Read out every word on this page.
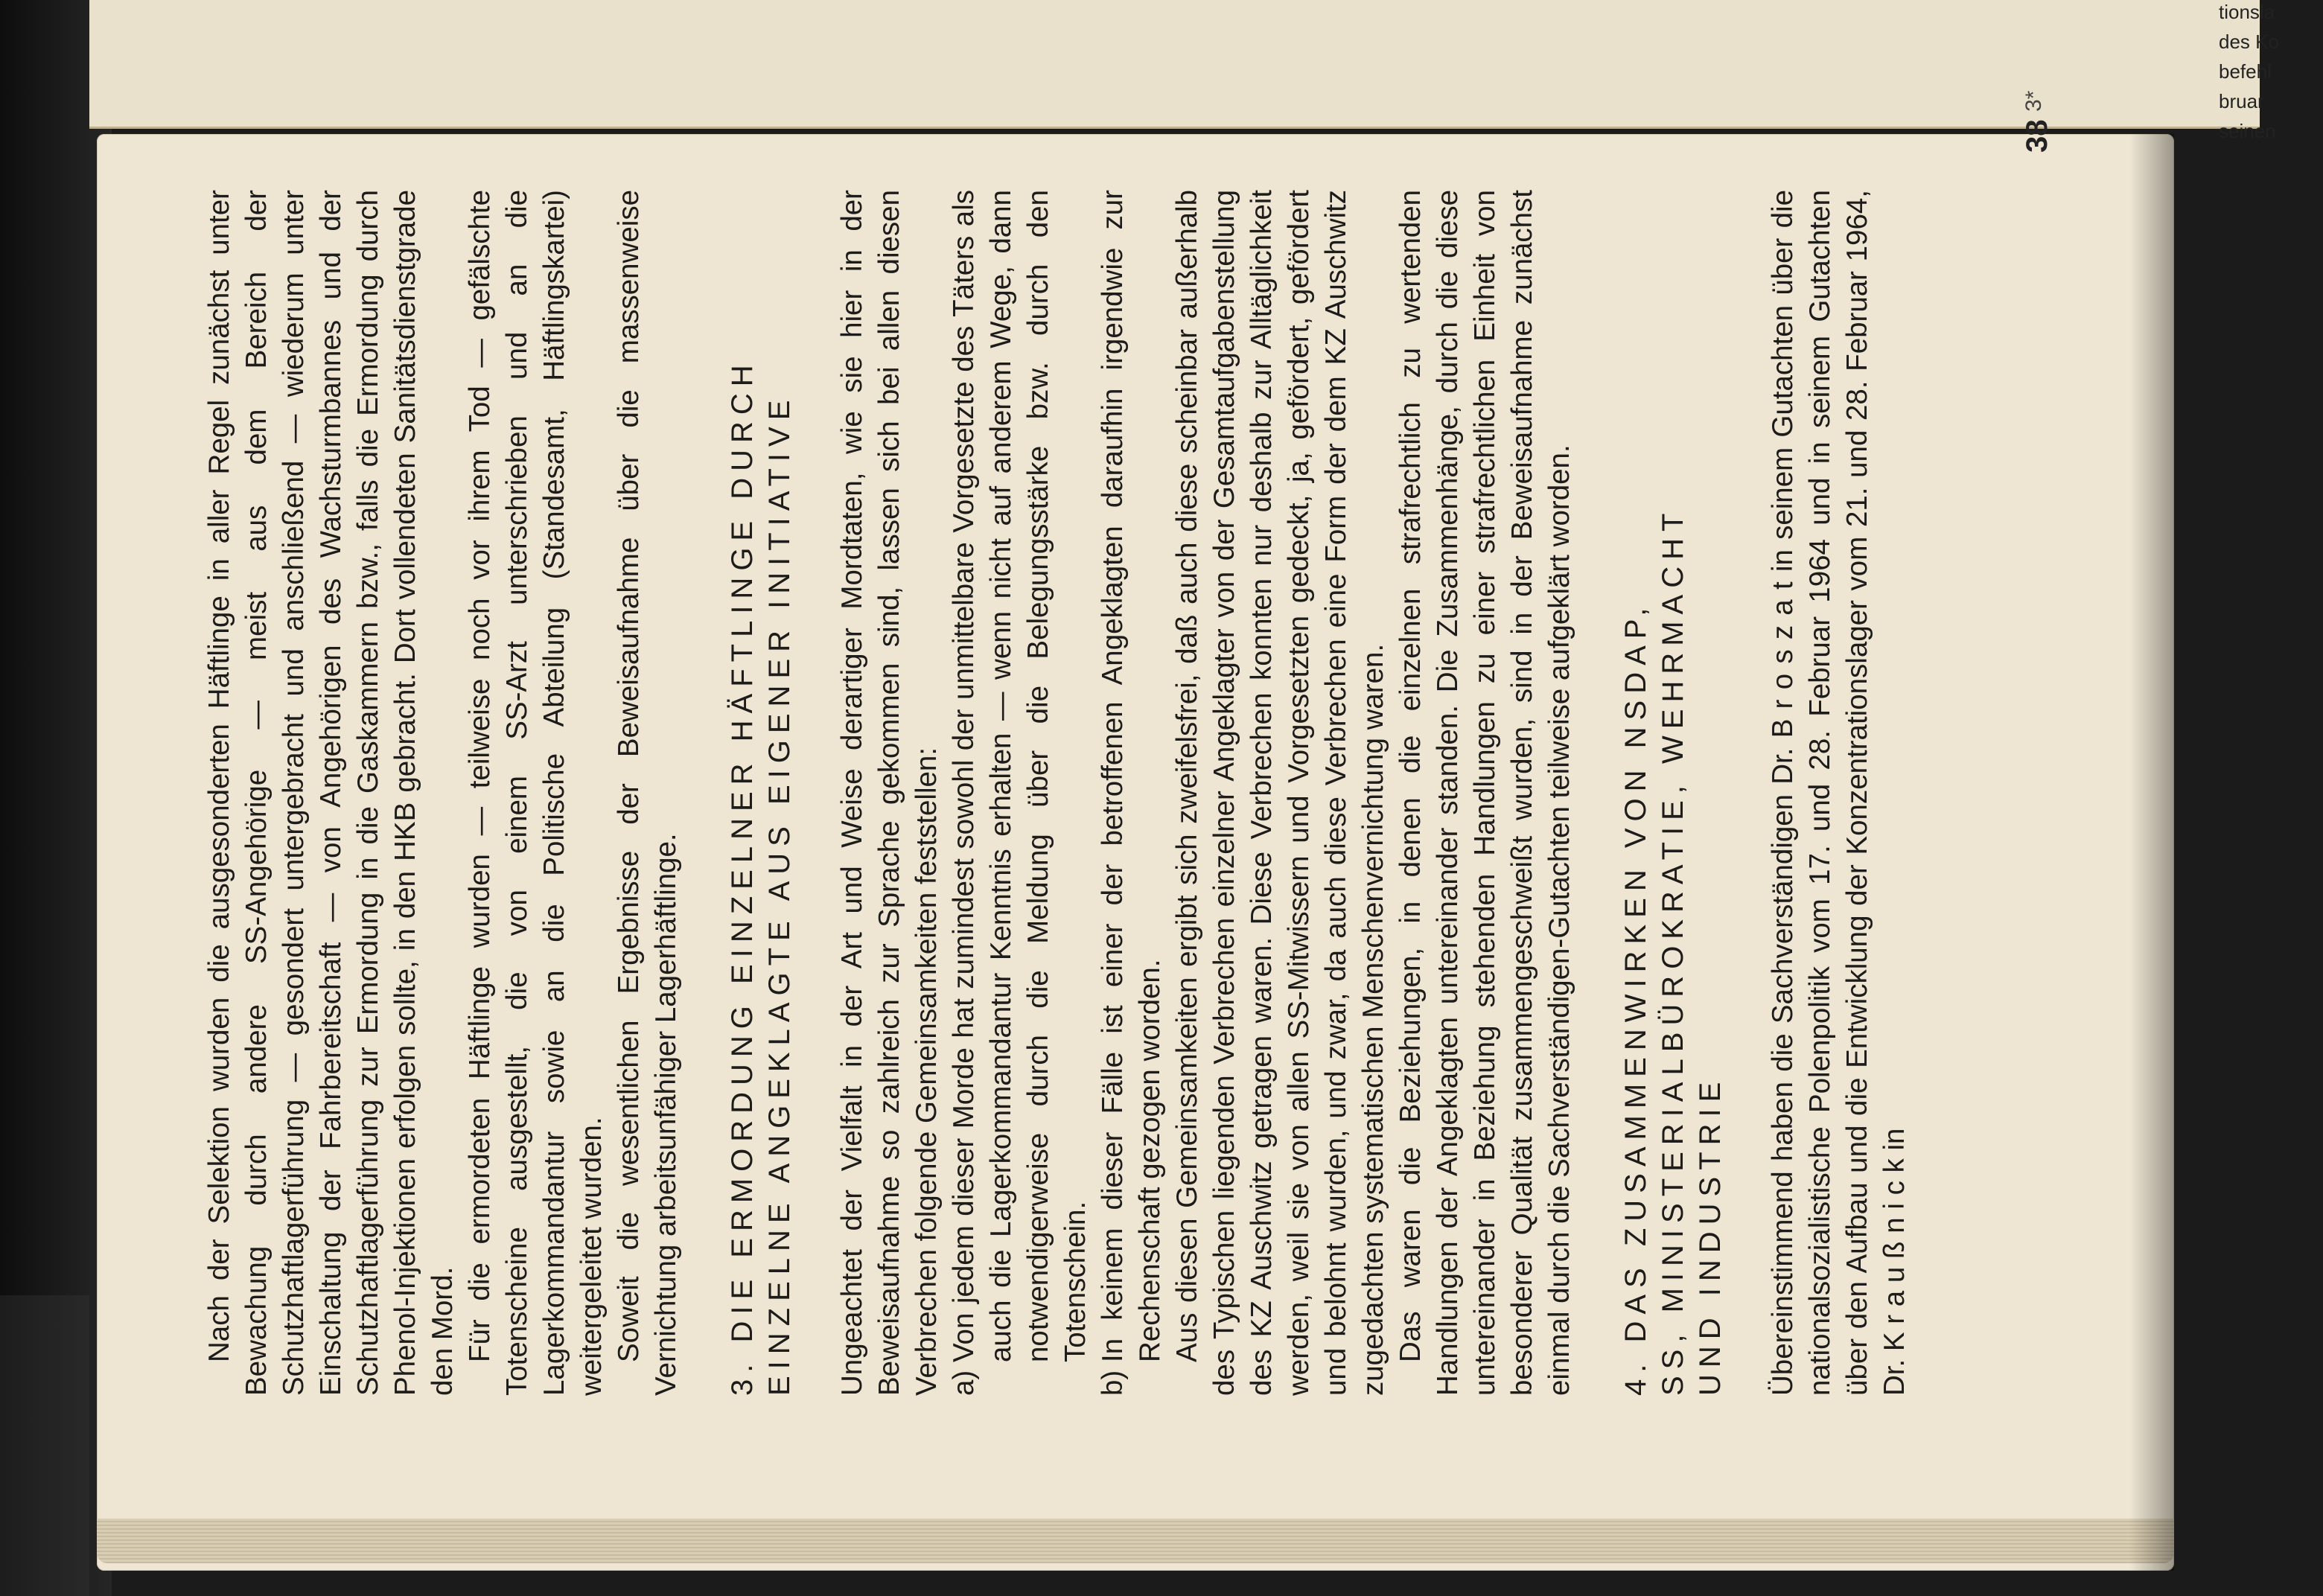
Nach der Selektion wurden die ausgesonderten Häftlinge in aller Regel zunächst unter Bewachung durch andere SS-Angehörige — meist aus dem Bereich der Schutzhaftlagerführung — gesondert untergebracht und anschließend — wiederum unter Einschaltung der Fahrbereitschaft — von Angehörigen des Wachsturmbannes und der Schutzhaftlagerführung zur Ermordung in die Gaskammern bzw., falls die Ermordung durch Phenol-Injektionen erfolgen sollte, in den HKB gebracht. Dort vollendeten Sanitätsdienstgrade den Mord. Für die ermordeten Häftlinge wurden — teilweise noch vor ihrem Tod — gefälschte Totenscheine ausgestellt, die von einem SS-Arzt unterschrieben und an die Lagerkommandantur sowie an die Politische Abteilung (Standesamt, Häftlingskartei) weitergeleitet wurden. Soweit die wesentlichen Ergebnisse der Beweisaufnahme über die massenweise Vernichtung arbeitsunfähiger Lagerhäftlinge. 3. DIE ERMORDUNG EINZELNER HÄFTLINGE DURCH EINZELNE ANGEKLAGTE AUS EIGENER INITIATIVE Ungeachtet der Vielfalt in der Art und Weise derartiger Mordtaten, wie sie hier in der Beweisaufnahme so zahlreich zur Sprache gekommen sind, lassen sich bei allen diesen Verbrechen folgende Gemeinsamkeiten feststellen: a)
Von jedem dieser Morde hat zumindest sowohl der unmittelbare Vorgesetzte des Täters als auch die Lagerkommandantur Kenntnis erhalten — wenn nicht auf anderem Wege, dann notwendigerweise durch die Meldung über die Belegungsstärke bzw. durch den Totenschein.
b)
In keinem dieser Fälle ist einer der betroffenen Angeklagten daraufhin irgendwie zur Rechenschaft gezogen worden. Aus diesen Gemeinsamkeiten ergibt sich zweifelsfrei, daß auch diese scheinbar außerhalb des Typischen liegenden Verbrechen einzelner Angeklagter von der Gesamtaufgabenstellung des KZ Auschwitz getragen waren. Diese Verbrechen konnten nur deshalb zur Alltäglichkeit werden, weil sie von allen SS-Mitwissern und Vorgesetzten gedeckt, ja, gefördert, gefördert und belohnt wurden, und zwar, da auch diese Verbrechen eine Form der dem KZ Auschwitz zugedachten systematischen Menschenvernichtung waren. Das waren die Beziehungen, in denen die einzelnen strafrechtlich zu wertenden Handlungen der Angeklagten untereinander standen. Die Zusammenhänge, durch die diese untereinander in Beziehung stehenden Handlungen zu einer strafrechtlichen Einheit von besonderer Qualität zusammengeschweißt wurden, sind in der Beweisaufnahme zunächst einmal durch die Sachverständigen-Gutachten teilweise aufgeklärt worden. 4. DAS ZUSAMMENWIRKEN VON NSDAP, SS, MINISTERIALBÜROKRATIE, WEHRMACHT UND INDUSTRIE Übereinstimmend haben die Sachverständigen Dr. B r o s z a t in seinem Gutachten über die nationalsozialistische Polenpolitik vom 17. und 28. Februar 1964 und in seinem Gutachten über den Aufbau und die Entwicklung der Konzentrationslager vom 21. und 28. Februar 1964, Dr. K r a u ß n i c k in

38
3*
seinen
bruar
befehl
des Ko
tionsla
